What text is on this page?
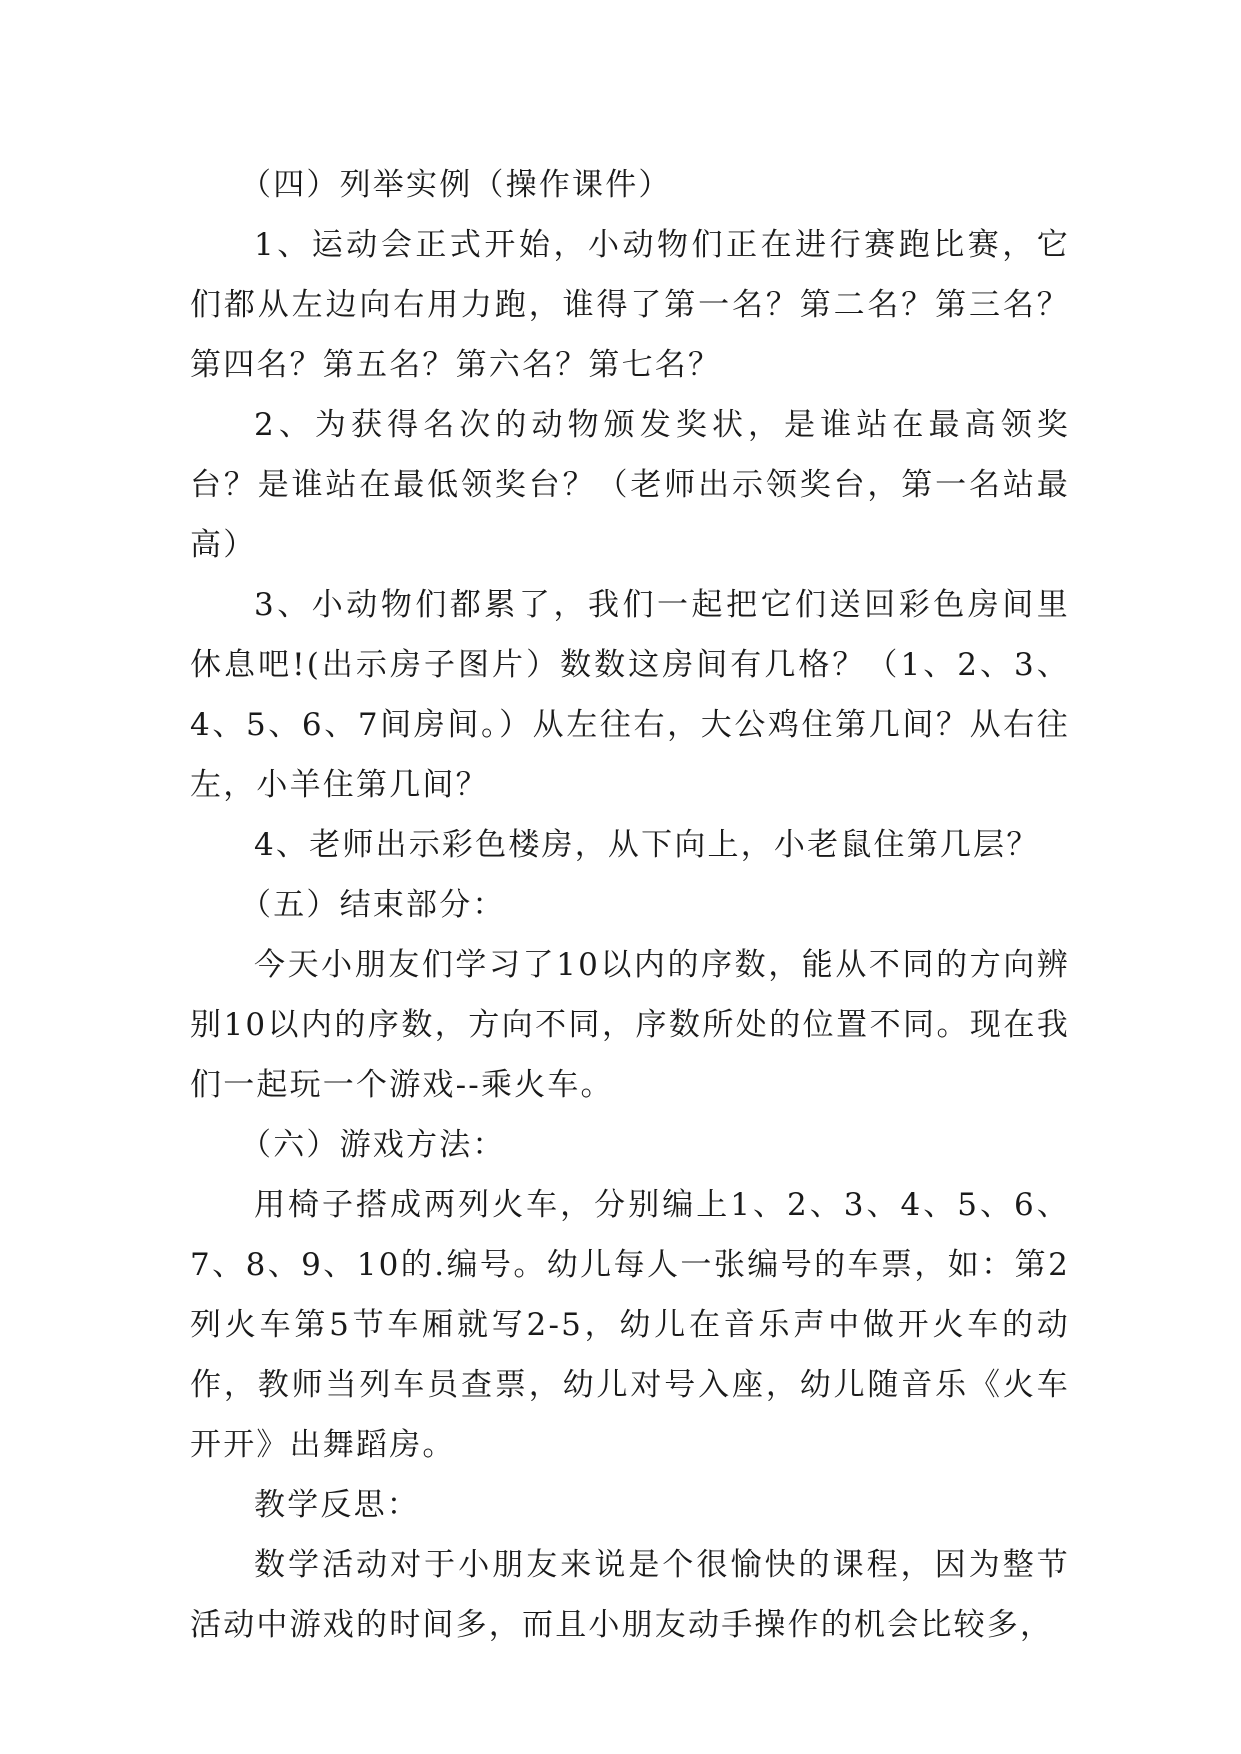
（四）列举实例（操作课件）

1、运动会正式开始，小动物们正在进行赛跑比赛，它们都从左边向右用力跑，谁得了第一名？第二名？第三名？第四名？第五名？第六名？第七名？

2、为获得名次的动物颁发奖状，是谁站在最高领奖台？是谁站在最低领奖台？（老师出示领奖台，第一名站最高）

3、小动物们都累了，我们一起把它们送回彩色房间里休息吧!(出示房子图片）数数这房间有几格？（1、2、3、4、5、6、7间房间。）从左往右，大公鸡住第几间？从右往左，小羊住第几间？

4、老师出示彩色楼房，从下向上，小老鼠住第几层？

（五）结束部分：

今天小朋友们学习了10以内的序数，能从不同的方向辨别10以内的序数，方向不同，序数所处的位置不同。现在我们一起玩一个游戏--乘火车。

（六）游戏方法：

用椅子搭成两列火车，分别编上1、2、3、4、5、6、7、8、9、10的.编号。幼儿每人一张编号的车票，如：第2列火车第5节车厢就写2-5，幼儿在音乐声中做开火车的动作，教师当列车员查票，幼儿对号入座，幼儿随音乐《火车开开》出舞蹈房。

教学反思：

数学活动对于小朋友来说是个很愉快的课程，因为整节活动中游戏的时间多，而且小朋友动手操作的机会比较多，
